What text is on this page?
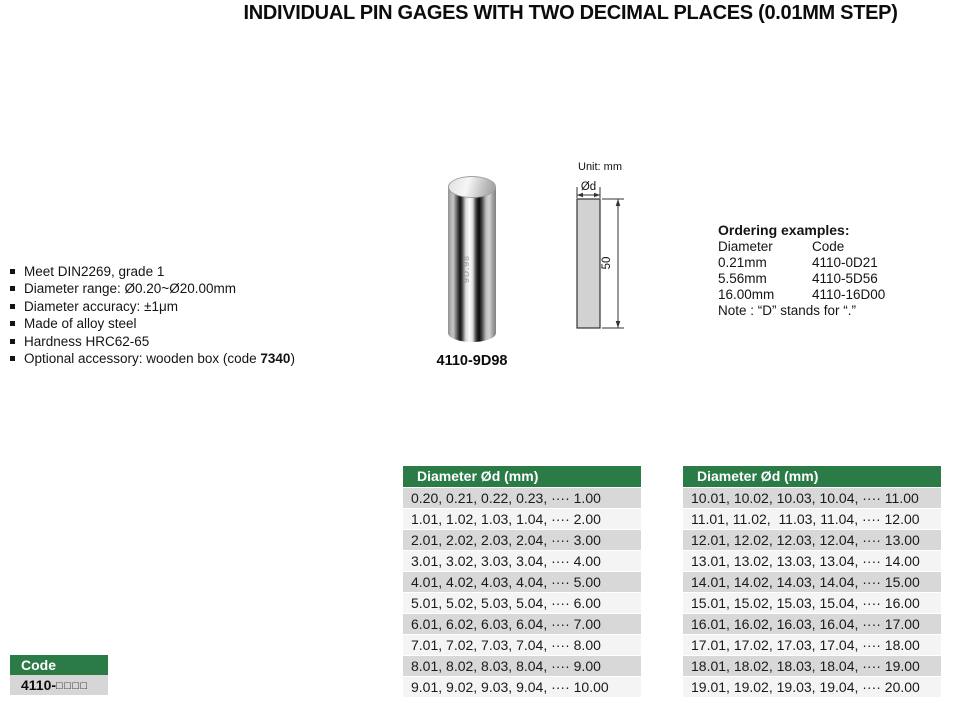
INDIVIDUAL PIN GAGES WITH TWO DECIMAL PLACES (0.01MM STEP)
Meet DIN2269, grade 1
Diameter range: Ø0.20~Ø20.00mm
Diameter accuracy: ±1μm
Made of alloy steel
Hardness HRC62-65
Optional accessory: wooden box (code 7340)
9D.98
4110-9D98
Unit: mm
Ød
50
Ordering examples:
Diameter	Code
0.21mm	4110-0D21
5.56mm	4110-5D56
16.00mm	4110-16D00
Note : “D” stands for “.”
Diameter Ød (mm)
0.20, 0.21, 0.22, 0.23, ···· 1.00
1.01, 1.02, 1.03, 1.04, ···· 2.00
2.01, 2.02, 2.03, 2.04, ···· 3.00
3.01, 3.02, 3.03, 3.04, ···· 4.00
4.01, 4.02, 4.03, 4.04, ···· 5.00
5.01, 5.02, 5.03, 5.04, ···· 6.00
6.01, 6.02, 6.03, 6.04, ···· 7.00
7.01, 7.02, 7.03, 7.04, ···· 8.00
8.01, 8.02, 8.03, 8.04, ···· 9.00
9.01, 9.02, 9.03, 9.04, ···· 10.00
Diameter Ød (mm)
10.01, 10.02, 10.03, 10.04, ···· 11.00
11.01, 11.02,  11.03, 11.04, ···· 12.00
12.01, 12.02, 12.03, 12.04, ···· 13.00
13.01, 13.02, 13.03, 13.04, ···· 14.00
14.01, 14.02, 14.03, 14.04, ···· 15.00
15.01, 15.02, 15.03, 15.04, ···· 16.00
16.01, 16.02, 16.03, 16.04, ···· 17.00
17.01, 17.02, 17.03, 17.04, ···· 18.00
18.01, 18.02, 18.03, 18.04, ···· 19.00
19.01, 19.02, 19.03, 19.04, ···· 20.00
Code
4110-□□□□
